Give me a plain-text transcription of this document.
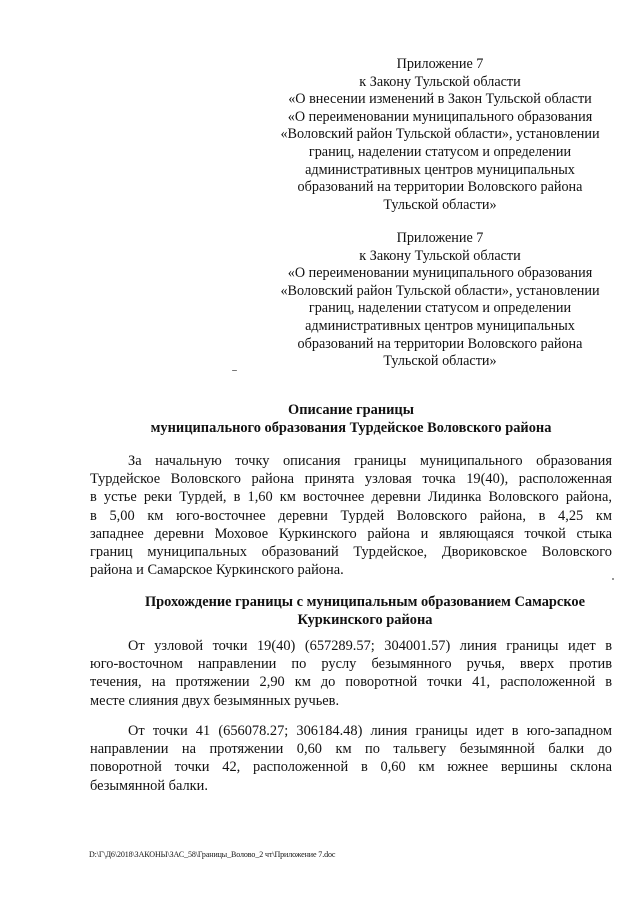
Приложение 7
к Закону Тульской области
«О внесении изменений в Закон Тульской области
«О переименовании муниципального образования
«Воловский район Тульской области», установлении
границ, наделении статусом и определении
административных центров муниципальных
образований на территории Воловского района
Тульской области»
Приложение 7
к Закону Тульской области
«О переименовании муниципального образования
«Воловский район Тульской области», установлении
границ, наделении статусом и определении
административных центров муниципальных
образований на территории Воловского района
Тульской области»
Описание границы
муниципального образования Турдейское Воловского района
За начальную точку описания границы муниципального образования
Турдейское Воловского района принята узловая точка 19(40), расположенная
в устье реки Турдей, в 1,60 км восточнее деревни Лидинка Воловского района,
в 5,00 км юго-восточнее деревни Турдей Воловского района, в 4,25 км
западнее деревни Моховое Куркинского района и являющаяся точкой стыка
границ муниципальных образований Турдейское, Двориковское Воловского
района и Самарское Куркинского района.
Прохождение границы с муниципальным образованием Самарское
Куркинского района
От узловой точки 19(40) (657289.57; 304001.57) линия границы идет в
юго-восточном направлении по руслу безымянного ручья, вверх против
течения, на протяжении 2,90 км до поворотной точки 41, расположенной в
месте слияния двух безымянных ручьев.
От точки 41 (656078.27; 306184.48) линия границы идет в юго-западном
направлении на протяжении 0,60 км по тальвегу безымянной балки до
поворотной точки 42, расположенной в 0,60 км южнее вершины склона
безымянной балки.
D:\Г\Д6\2018\ЗАКОНЫ\ЗАС_58\Границы_Волово_2 чт\Приложение 7.doc
